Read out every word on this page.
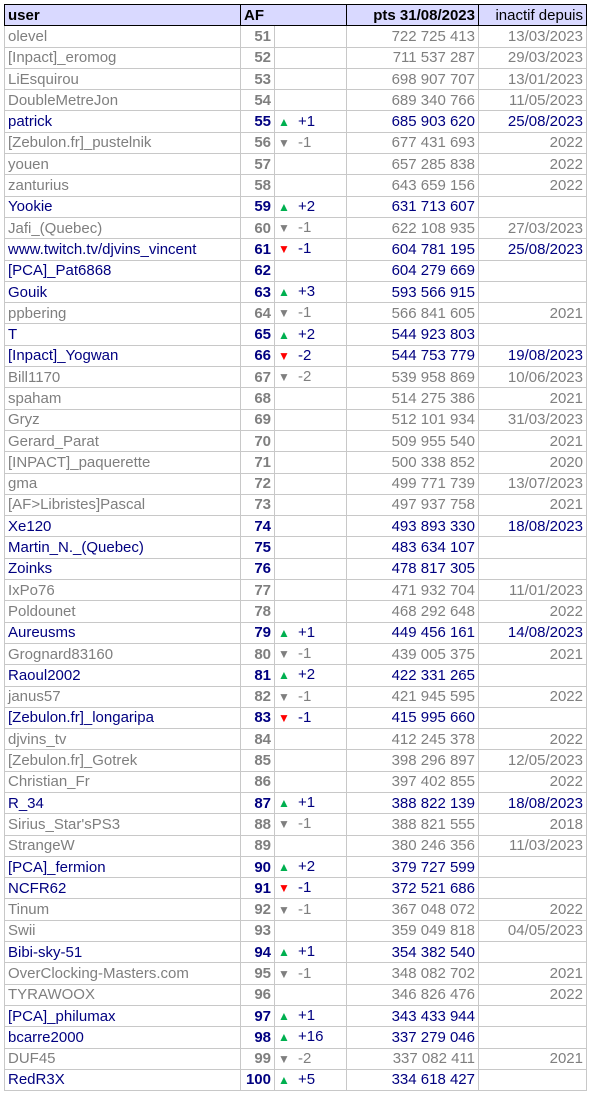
user	AF		pts 31/08/2023	inactif depuis
olevel	51		722 725 413	13/03/2023
[Inpact]_eromog	52		711 537 287	29/03/2023
LiEsquirou	53		698 907 707	13/01/2023
DoubleMetreJon	54		689 340 766	11/05/2023
patrick	55	▲ +1	685 903 620	25/08/2023
[Zebulon.fr]_pustelnik	56	▼ -1	677 431 693	2022
youen	57		657 285 838	2022
zanturius	58		643 659 156	2022
Yookie	59	▲ +2	631 713 607	
Jafi_(Quebec)	60	▼ -1	622 108 935	27/03/2023
www.twitch.tv/djvins_vincent	61	▼ -1	604 781 195	25/08/2023
[PCA]_Pat6868	62		604 279 669	
Gouik	63	▲ +3	593 566 915	
ppbering	64	▼ -1	566 841 605	2021
T	65	▲ +2	544 923 803	
[Inpact]_Yogwan	66	▼ -2	544 753 779	19/08/2023
Bill1170	67	▼ -2	539 958 869	10/06/2023
spaham	68		514 275 386	2021
Gryz	69		512 101 934	31/03/2023
Gerard_Parat	70		509 955 540	2021
[INPACT]_paquerette	71		500 338 852	2020
gma	72		499 771 739	13/07/2023
[AF>Libristes]Pascal	73		497 937 758	2021
Xe120	74		493 893 330	18/08/2023
Martin_N._(Quebec)	75		483 634 107	
Zoinks	76		478 817 305	
IxPo76	77		471 932 704	11/01/2023
Poldounet	78		468 292 648	2022
Aureusms	79	▲ +1	449 456 161	14/08/2023
Grognard83160	80	▼ -1	439 005 375	2021
Raoul2002	81	▲ +2	422 331 265	
janus57	82	▼ -1	421 945 595	2022
[Zebulon.fr]_longaripa	83	▼ -1	415 995 660	
djvins_tv	84		412 245 378	2022
[Zebulon.fr]_Gotrek	85		398 296 897	12/05/2023
Christian_Fr	86		397 402 855	2022
R_34	87	▲ +1	388 822 139	18/08/2023
Sirius_Star'sPS3	88	▼ -1	388 821 555	2018
StrangeW	89		380 246 356	11/03/2023
[PCA]_fermion	90	▲ +2	379 727 599	
NCFR62	91	▼ -1	372 521 686	
Tinum	92	▼ -1	367 048 072	2022
Swii	93		359 049 818	04/05/2023
Bibi-sky-51	94	▲ +1	354 382 540	
OverClocking-Masters.com	95	▼ -1	348 082 702	2021
TYRAWOOX	96		346 826 476	2022
[PCA]_philumax	97	▲ +1	343 433 944	
bcarre2000	98	▲ +16	337 279 046	
DUF45	99	▼ -2	337 082 411	2021
RedR3X	100	▲ +5	334 618 427	
